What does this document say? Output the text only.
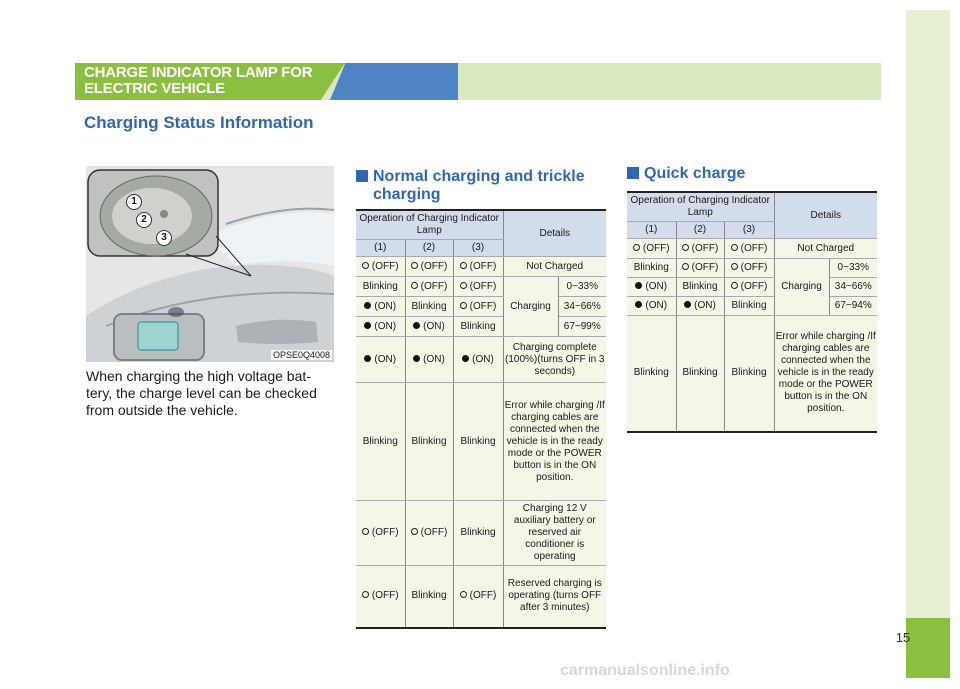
15
CHARGE INDICATOR LAMP FOR
ELECTRIC VEHICLE
Charging Status Information
1
2
3
OPSE0Q4008
When charging the high voltage bat-
tery, the charge level can be checked
from outside the vehicle.
Normal charging and trickle
charging
Operation of Charging Indicator Lamp			Details	
(1)	(2)	(3)		
(OFF)	(OFF)	(OFF)	Not Charged	
Blinking	(OFF)	(OFF)	Charging	0~33%
(ON)	Blinking	(OFF)		34~66%
(ON)	(ON)	Blinking		67~99%
(ON)	(ON)	(ON)	Charging complete (100%)(turns OFF in 3 seconds)	
Blinking	Blinking	Blinking	Error while charging /If charging cables are connected when the vehicle is in the ready mode or the POWER button is in the ON position.	
(OFF)	(OFF)	Blinking	Charging 12 V auxiliary battery or reserved air conditioner is operating	
(OFF)	Blinking	(OFF)	Reserved charging is operating (turns OFF after 3 minutes)	
Quick charge
Operation of Charging Indicator Lamp			Details	
(1)	(2)	(3)		
(OFF)	(OFF)	(OFF)	Not Charged	
Blinking	(OFF)	(OFF)	Charging	0~33%
(ON)	Blinking	(OFF)		34~66%
(ON)	(ON)	Blinking		67~94%
Blinking	Blinking	Blinking	Error while charging /If charging cables are connected when the vehicle is in the ready mode or the POWER button is in the ON position.	
carmanualsonline.info
